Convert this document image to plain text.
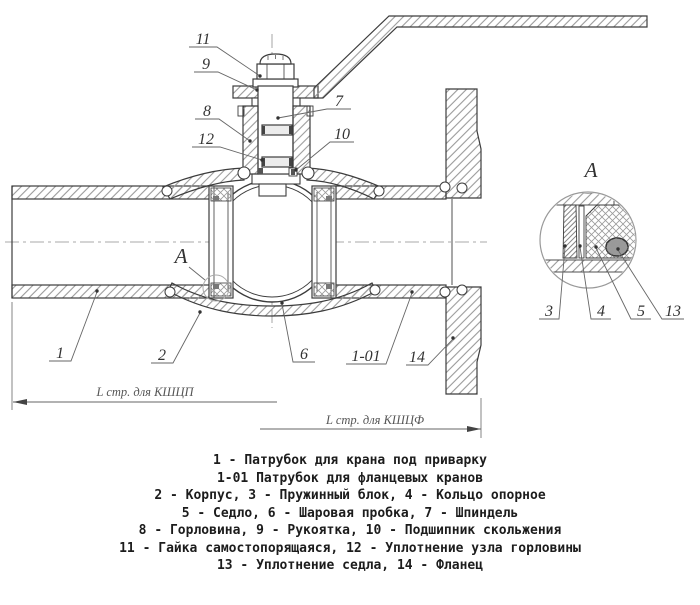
11
9
8
12
7
10
A
1	2	6	1-01 14
A
3	4 5 13
L стр. для КШЦП
L стр. для КШЦФ
1 - Патрубок для крана под приварку
1-01 Патрубок для фланцевых кранов
2 - Корпус, 3 - Пружинный блок, 4 - Кольцо опорное
5 - Седло, 6 - Шаровая пробка, 7 - Шпиндель
8 - Горловина, 9 - Рукоятка, 10 - Подшипник скольжения
11 - Гайка самостопорящаяся, 12 - Уплотнение узла горловины
13 - Уплотнение седла, 14 - Фланец
